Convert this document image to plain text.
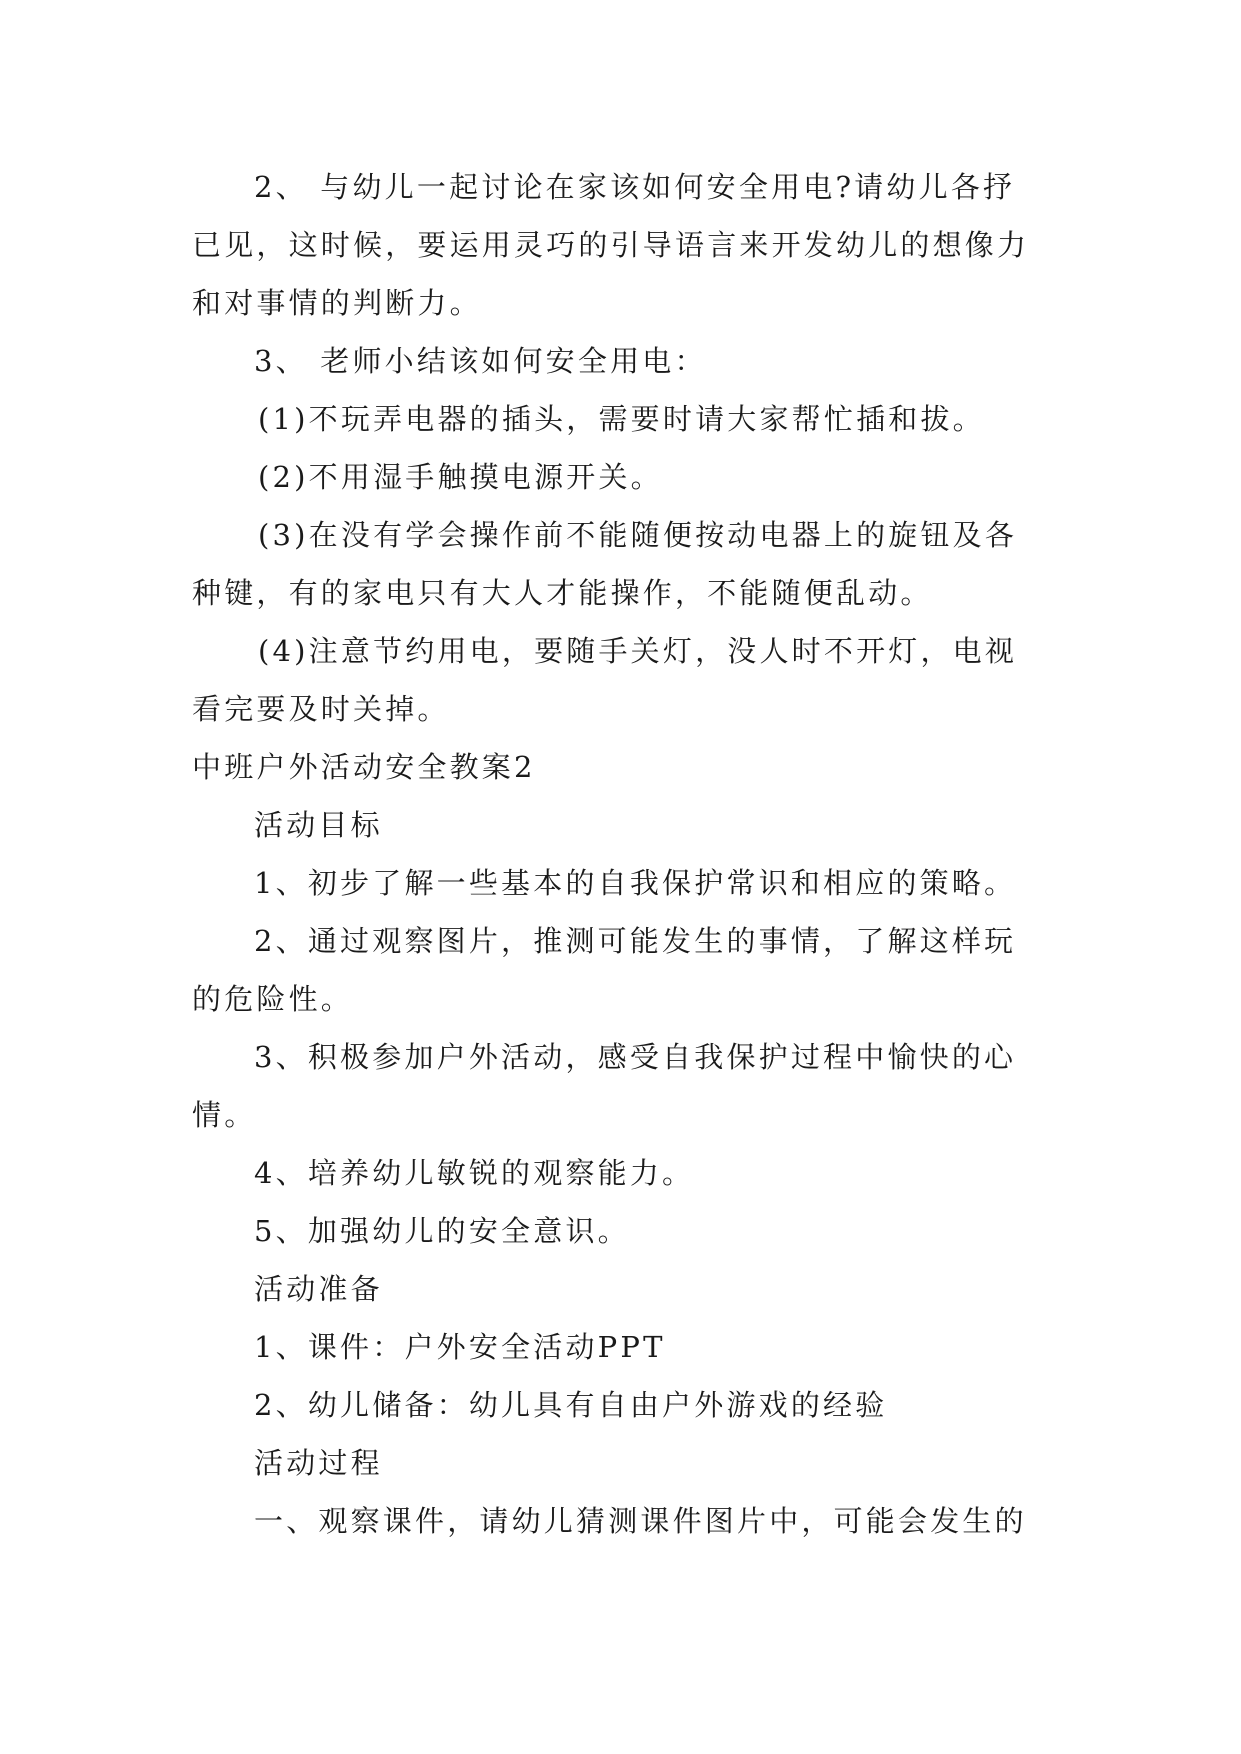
2、 与幼儿一起讨论在家该如何安全用电?请幼儿各抒
已见，这时候，要运用灵巧的引导语言来开发幼儿的想像力
和对事情的判断力。
3、 老师小结该如何安全用电：
(1)不玩弄电器的插头，需要时请大家帮忙插和拔。
(2)不用湿手触摸电源开关。
(3)在没有学会操作前不能随便按动电器上的旋钮及各
种键，有的家电只有大人才能操作，不能随便乱动。
(4)注意节约用电，要随手关灯，没人时不开灯，电视
看完要及时关掉。
中班户外活动安全教案2
活动目标
1、初步了解一些基本的自我保护常识和相应的策略。
2、通过观察图片，推测可能发生的事情，了解这样玩
的危险性。
3、积极参加户外活动，感受自我保护过程中愉快的心
情。
4、培养幼儿敏锐的观察能力。
5、加强幼儿的安全意识。
活动准备
1、课件：户外安全活动PPT
2、幼儿储备：幼儿具有自由户外游戏的经验
活动过程
一、观察课件，请幼儿猜测课件图片中，可能会发生的
